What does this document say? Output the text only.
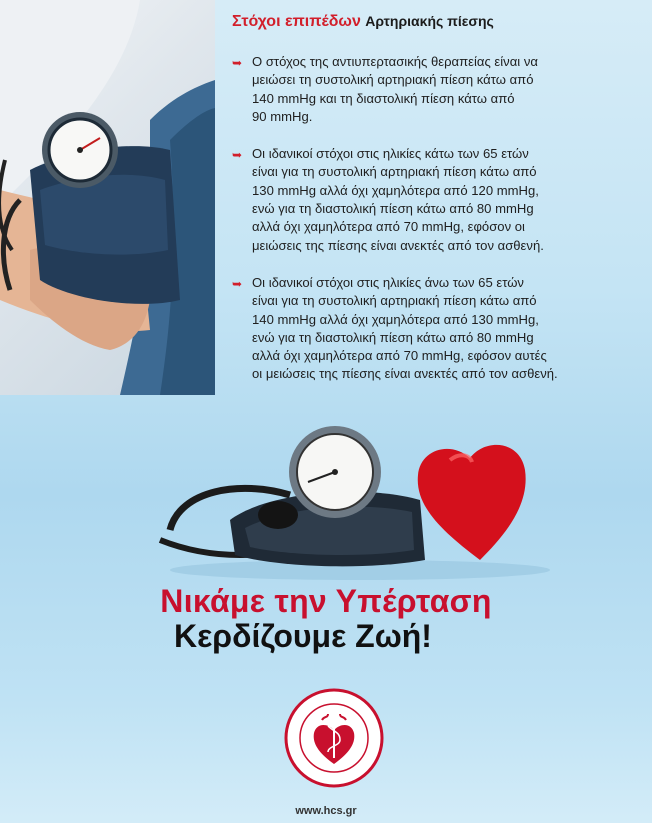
Στόχοι επιπέδων Αρτηριακής πίεσης
➥ Ο στόχος της αντιυπερτασικής θεραπείας είναι να
μειώσει τη συστολική αρτηριακή πίεση κάτω από
140 mmHg και τη διαστολική πίεση κάτω από
90 mmHg.
➥ Οι ιδανικοί στόχοι στις ηλικίες κάτω των 65 ετών
είναι για τη συστολική αρτηριακή πίεση κάτω από
130 mmHg αλλά όχι χαμηλότερα από 120 mmHg,
ενώ για τη διαστολική πίεση κάτω από 80 mmHg
αλλά όχι χαμηλότερα από 70 mmHg, εφόσον οι
μειώσεις της πίεσης είναι ανεκτές από τον ασθενή.
➥ Οι ιδανικοί στόχοι στις ηλικίες άνω των 65 ετών
είναι για τη συστολική αρτηριακή πίεση κάτω από
140 mmHg αλλά όχι χαμηλότερα από 130 mmHg,
ενώ για τη διαστολική πίεση κάτω από 80 mmHg
αλλά όχι χαμηλότερα από 70 mmHg, εφόσον αυτές
οι μειώσεις της πίεσης είναι ανεκτές από τον ασθενή.
Νικάμε την Υπέρταση
Κερδίζουμε Ζωή!
www.hcs.gr
